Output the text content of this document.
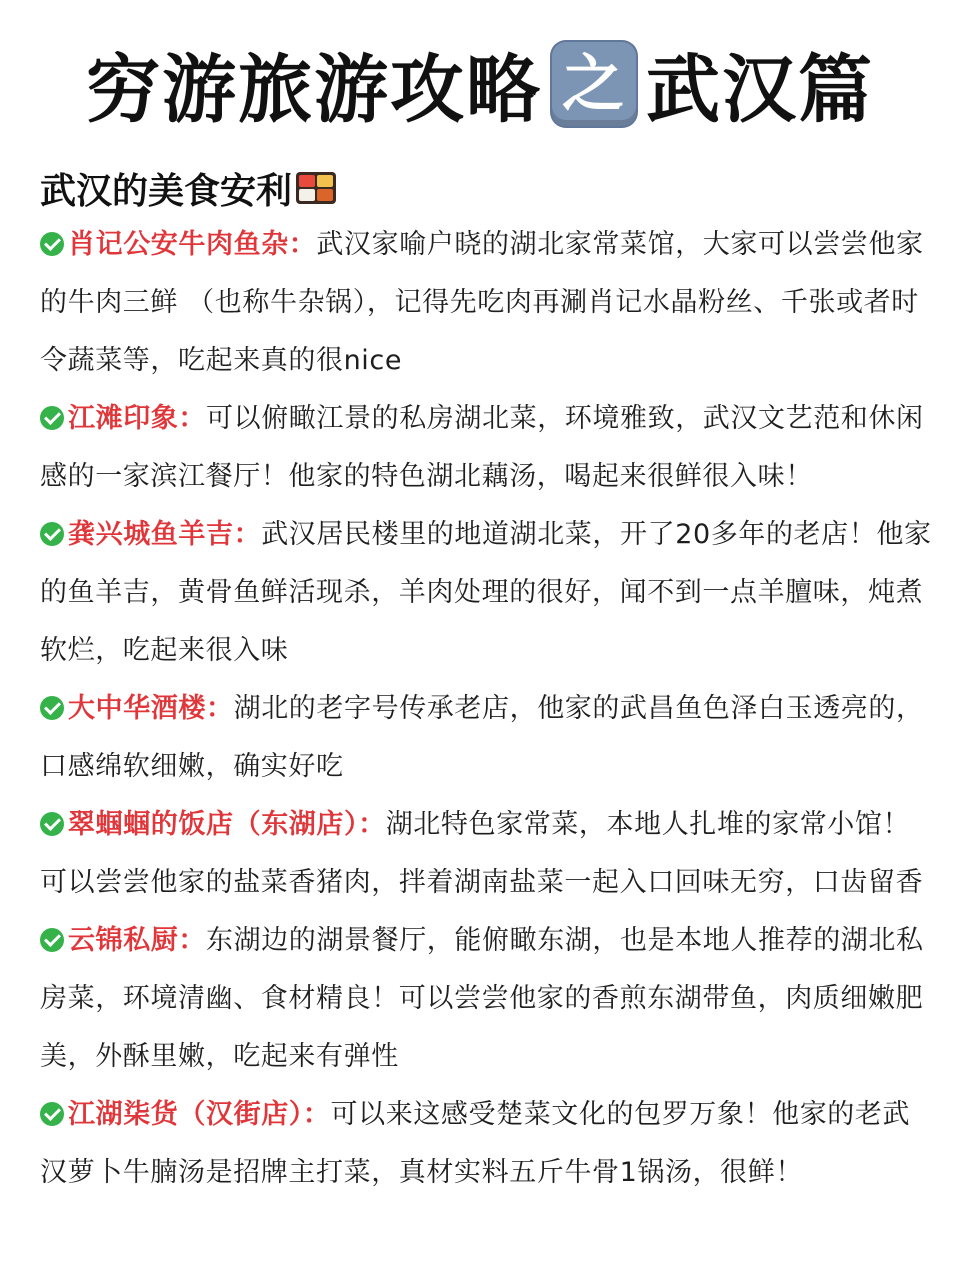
穷游旅游攻略 之 武汉篇
武汉的美食安利
肖记公安牛肉鱼杂：武汉家喻户晓的湖北家常菜馆，大家可以尝尝他家的牛肉三鲜 （也称牛杂锅），记得先吃肉再涮肖记水晶粉丝、千张或者时令蔬菜等，吃起来真的很nice
江滩印象：可以俯瞰江景的私房湖北菜，环境雅致，武汉文艺范和休闲感的一家滨江餐厅！他家的特色湖北藕汤，喝起来很鲜很入味！
龚兴城鱼羊吉：武汉居民楼里的地道湖北菜，开了20多年的老店！他家的鱼羊吉，黄骨鱼鲜活现杀，羊肉处理的很好，闻不到一点羊膻味，炖煮软烂，吃起来很入味
大中华酒楼：湖北的老字号传承老店，他家的武昌鱼色泽白玉透亮的，口感绵软细嫩，确实好吃
翠蝈蝈的饭店（东湖店）：湖北特色家常菜，本地人扎堆的家常小馆！可以尝尝他家的盐菜香猪肉，拌着湖南盐菜一起入口回味无穷，口齿留香
云锦私厨：东湖边的湖景餐厅，能俯瞰东湖，也是本地人推荐的湖北私房菜，环境清幽、食材精良！可以尝尝他家的香煎东湖带鱼，肉质细嫩肥美，外酥里嫩，吃起来有弹性
江湖柒货（汉街店）：可以来这感受楚菜文化的包罗万象！他家的老武汉萝卜牛腩汤是招牌主打菜，真材实料五斤牛骨1锅汤，很鲜！
